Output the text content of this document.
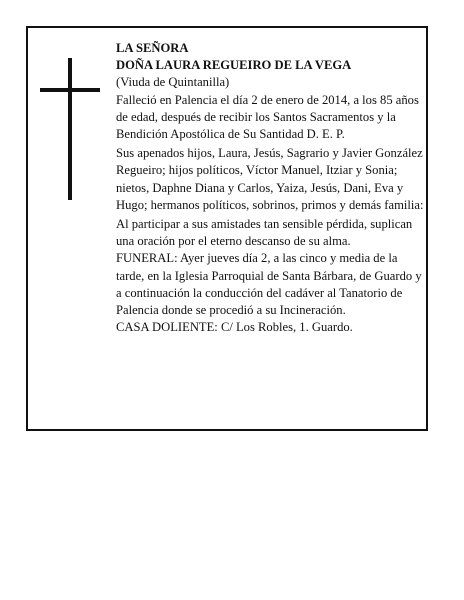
LA SEÑORA

DOÑA LAURA REGUEIRO DE LA VEGA

(Viuda de Quintanilla)

Falleció en Palencia el día 2 de enero de 2014, a los 85 años de edad, después de recibir los Santos Sacramentos y la Bendición Apostólica de Su Santidad D. E. P.

Sus apenados hijos, Laura, Jesús, Sagrario y Javier González Regueiro; hijos políticos, Víctor Manuel, Itziar y Sonia; nietos, Daphne Diana y Carlos, Yaiza, Jesús, Dani, Eva y Hugo; hermanos políticos, sobrinos, primos y demás familia:

Al participar a sus amistades tan sensible pérdida, suplican una oración por el eterno descanso de su alma.

FUNERAL: Ayer jueves día 2, a las cinco y media de la tarde, en la Iglesia Parroquial de Santa Bárbara, de Guardo y a continuación la conducción del cadáver al Tanatorio de Palencia donde se procedió a su Incineración.

CASA DOLIENTE: C/ Los Robles, 1. Guardo.
